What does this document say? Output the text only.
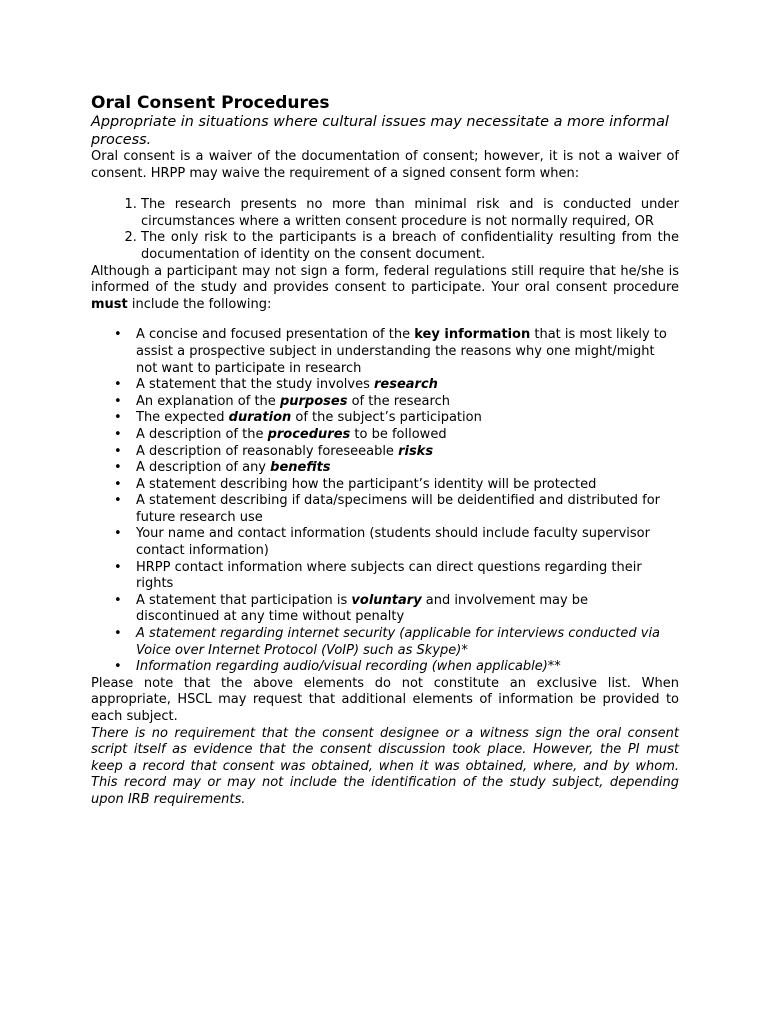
Oral Consent Procedures

Appropriate in situations where cultural issues may necessitate a more informal process.

Oral consent is a waiver of the documentation of consent; however, it is not a waiver of consent. HRPP may waive the requirement of a signed consent form when:

1. The research presents no more than minimal risk and is conducted under circumstances where a written consent procedure is not normally required, OR
2. The only risk to the participants is a breach of confidentiality resulting from the documentation of identity on the consent document.

Although a participant may not sign a form, federal regulations still require that he/she is informed of the study and provides consent to participate. Your oral consent procedure must include the following:

• A concise and focused presentation of the key information that is most likely to assist a prospective subject in understanding the reasons why one might/might not want to participate in research
• A statement that the study involves research
• An explanation of the purposes of the research
• The expected duration of the subject’s participation
• A description of the procedures to be followed
• A description of reasonably foreseeable risks
• A description of any benefits
• A statement describing how the participant’s identity will be protected
• A statement describing if data/specimens will be deidentified and distributed for future research use
• Your name and contact information (students should include faculty supervisor contact information)
• HRPP contact information where subjects can direct questions regarding their rights
• A statement that participation is voluntary and involvement may be discontinued at any time without penalty
• A statement regarding internet security (applicable for interviews conducted via Voice over Internet Protocol (VoIP) such as Skype)*
• Information regarding audio/visual recording (when applicable)**

Please note that the above elements do not constitute an exclusive list. When appropriate, HSCL may request that additional elements of information be provided to each subject.

There is no requirement that the consent designee or a witness sign the oral consent script itself as evidence that the consent discussion took place. However, the PI must keep a record that consent was obtained, when it was obtained, where, and by whom. This record may or may not include the identification of the study subject, depending upon IRB requirements.
